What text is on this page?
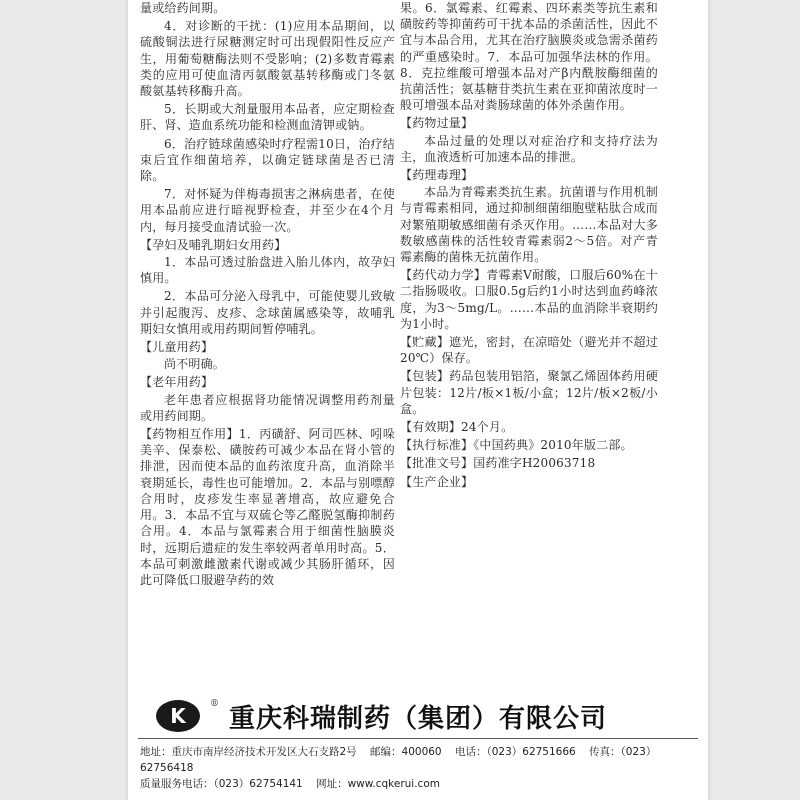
量或给药间期。

4．对诊断的干扰：(1)应用本品期间，以硫酸铜法进行尿糖测定时可出现假阳性反应产生，用葡萄糖酶法则不受影响；(2)多数青霉素类的应用可使血清丙氨酸氨基转移酶或门冬氨酸氨基转移酶升高。

5．长期或大剂量服用本品者，应定期检查肝、肾、造血系统功能和检测血清钾或钠。

6．治疗链球菌感染时疗程需10日，治疗结束后宜作细菌培养，以确定链球菌是否已清除。

7．对怀疑为伴梅毒损害之淋病患者，在使用本品前应进行暗视野检查，并至少在4个月内，每月接受血清试验一次。

【孕妇及哺乳期妇女用药】

1．本品可透过胎盘进入胎儿体内，故孕妇慎用。

2．本品可分泌入母乳中，可能使婴儿致敏并引起腹泻、皮疹、念球菌属感染等，故哺乳期妇女慎用或用药期间暂停哺乳。

【儿童用药】

尚不明确。

【老年用药】

老年患者应根据肾功能情况调整用药剂量或用药间期。

【药物相互作用】1．丙磺舒、阿司匹林、吲哚美辛、保泰松、磺胺药可减少本品在肾小管的排泄，因而使本品的血药浓度升高，血消除半衰期延长，毒性也可能增加。2．本品与别嘌醇合用时，皮疹发生率显著增高，故应避免合用。3．本品不宜与双硫仑等乙醛脱氢酶抑制药合用。4．本品与氯霉素合用于细菌性脑膜炎时，远期后遗症的发生率较两者单用时高。5．本品可刺激雌激素代谢或减少其肠肝循环，因此可降低口服避孕药的效

果。6．氯霉素、红霉素、四环素类等抗生素和磺胺药等抑菌药可干扰本品的杀菌活性，因此不宜与本品合用，尤其在治疗脑膜炎或急需杀菌药的严重感染时。7．本品可加强华法林的作用。8．克拉维酸可增强本品对产β内酰胺酶细菌的抗菌活性；氨基糖苷类抗生素在亚抑菌浓度时一般可增强本品对粪肠球菌的体外杀菌作用。

【药物过量】

本品过量的处理以对症治疗和支持疗法为主，血液透析可加速本品的排泄。

【药理毒理】

本品为青霉素类抗生素。抗菌谱与作用机制与青霉素相同，通过抑制细菌细胞壁粘肽合成而对繁殖期敏感细菌有杀灭作用。……本品对大多数敏感菌株的活性较青霉素弱2～5倍。对产青霉素酶的菌株无抗菌作用。

【药代动力学】青霉素V耐酸，口服后60%在十二指肠吸收。口服0.5g后约1小时达到血药峰浓度，为3～5mg/L。……本品的血消除半衰期约为1小时。

【贮藏】遮光，密封，在凉暗处（避光并不超过20℃）保存。

【包装】药品包装用铝箔，聚氯乙烯固体药用硬片包装：12片/板×1板/小盒；12片/板×2板/小盒。

【有效期】24个月。

【执行标准】《中国药典》2010年版二部。

【批准文号】国药准字H20063718

【生产企业】

K	® 重庆科瑞制药（集团）有限公司
地址：重庆市南岸经济技术开发区大石支路2号 邮编：400060 电话：（023）62751666 传真：（023）62756418
质量服务电话：（023）62754141 网址：www.cqkerui.com
